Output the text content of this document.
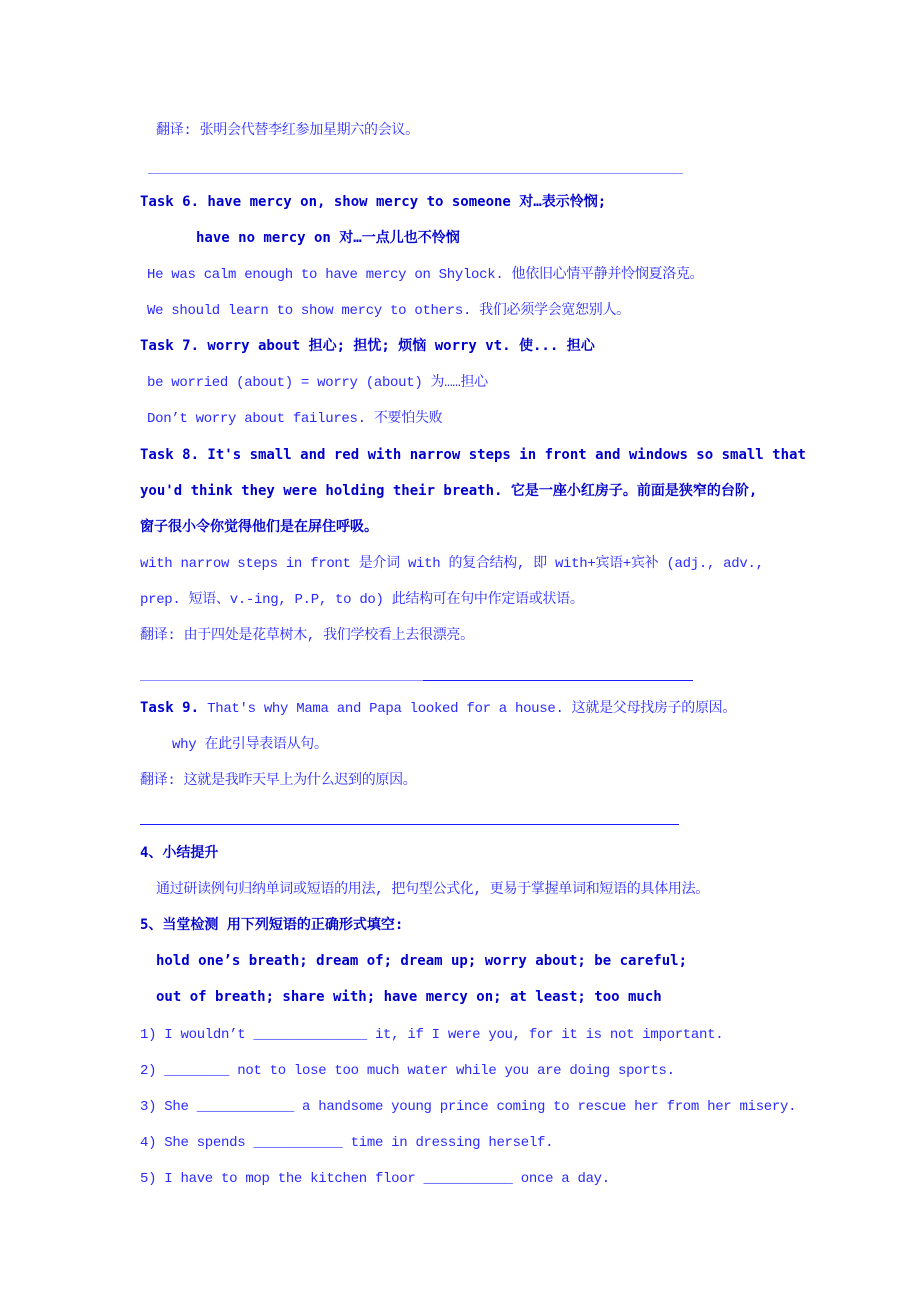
翻译: 张明会代替李红参加星期六的会议。
Task 6. have mercy on, show mercy to someone 对…表示怜悯;
have no mercy on 对…一点儿也不怜悯
He was calm enough to have mercy on Shylock. 他依旧心情平静并怜悯夏洛克。
We should learn to show mercy to others. 我们必须学会宽恕别人。
Task 7. worry about 担心; 担忧; 烦恼 worry vt. 使... 担心
be worried (about) = worry (about) 为……担心
Don’t worry about failures. 不要怕失败
Task 8. It's small and red with narrow steps in front and windows so small that
you'd think they were holding their breath. 它是一座小红房子。前面是狭窄的台阶,
窗子很小令你觉得他们是在屏住呼吸。
with narrow steps in front 是介词 with 的复合结构, 即 with+宾语+宾补 (adj., adv.,
prep. 短语、v.-ing, P.P, to do) 此结构可在句中作定语或状语。
翻译: 由于四处是花草树木, 我们学校看上去很漂亮。
Task 9. That's why Mama and Papa looked for a house. 这就是父母找房子的原因。
why 在此引导表语从句。
翻译: 这就是我昨天早上为什么迟到的原因。
4、小结提升
通过研读例句归纳单词或短语的用法, 把句型公式化, 更易于掌握单词和短语的具体用法。
5、当堂检测 用下列短语的正确形式填空:
hold one’s breath; dream of; dream up; worry about; be careful;
out of breath; share with; have mercy on; at least; too much
1) I wouldn’t ______________ it, if I were you, for it is not important.
2) ________ not to lose too much water while you are doing sports.
3) She ____________ a handsome young prince coming to rescue her from her misery.
4) She spends ___________ time in dressing herself.
5) I have to mop the kitchen floor ___________ once a day.
